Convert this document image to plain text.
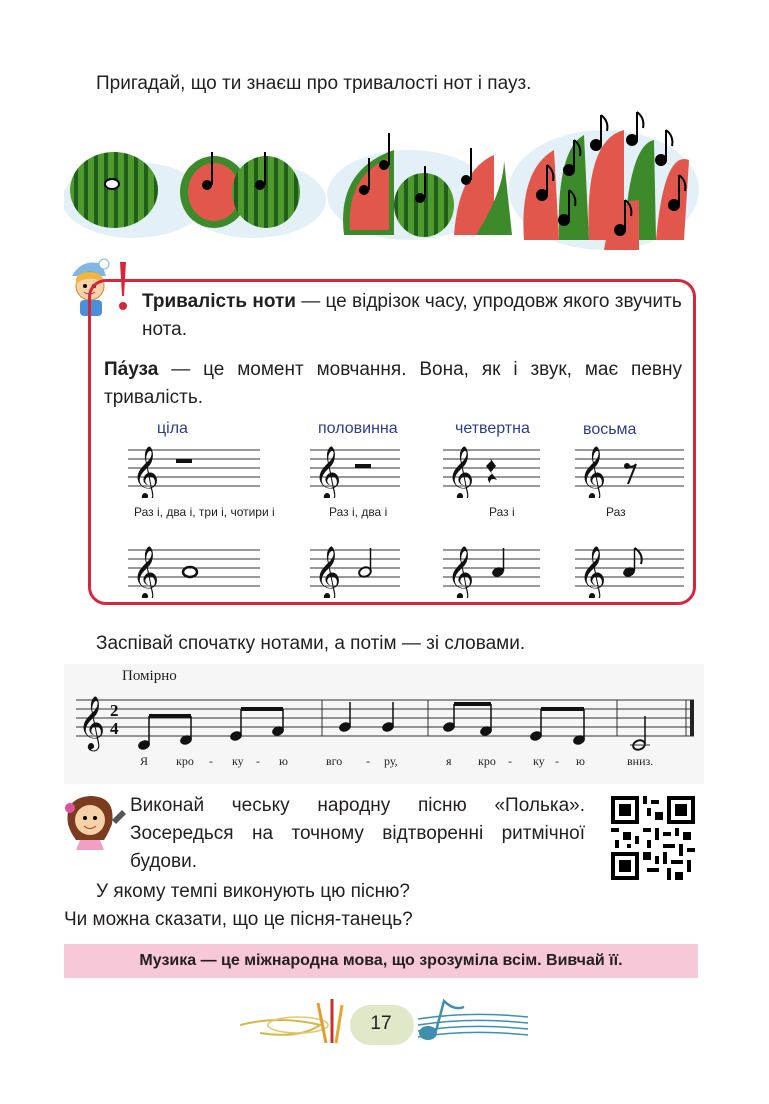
Пригадай, що ти знаєш про тривалості нот і пауз.
Тривалість ноти — це відрізок часу, упродовж якого звучить нота.
Па́уза — це момент мовчання. Вона, як і звук, має певну тривалість.
ціла	половинна	четвертна	восьма
𝄞	𝄞 𝄞 𝄞
Раз і, два і, три і, чотири і	Раз і, два і	Раз і	Раз
𝄞	𝄞 𝄞 𝄞
Заспівай спочатку нотами, а потім — зі словами.
Помірно
𝄞 2
4
Я кро - ку - ю	вго - ру,	я кро - ку - ю	вниз.
Виконай чеську народну пісню «Полька». Зосередься на точному відтворенні ритмічної будови.
У якому темпі виконують цю пісню?
Чи можна сказати, що це пісня-танець?
Музика — це міжнародна мова, що зрозуміла всім. Вивчай її.
17
